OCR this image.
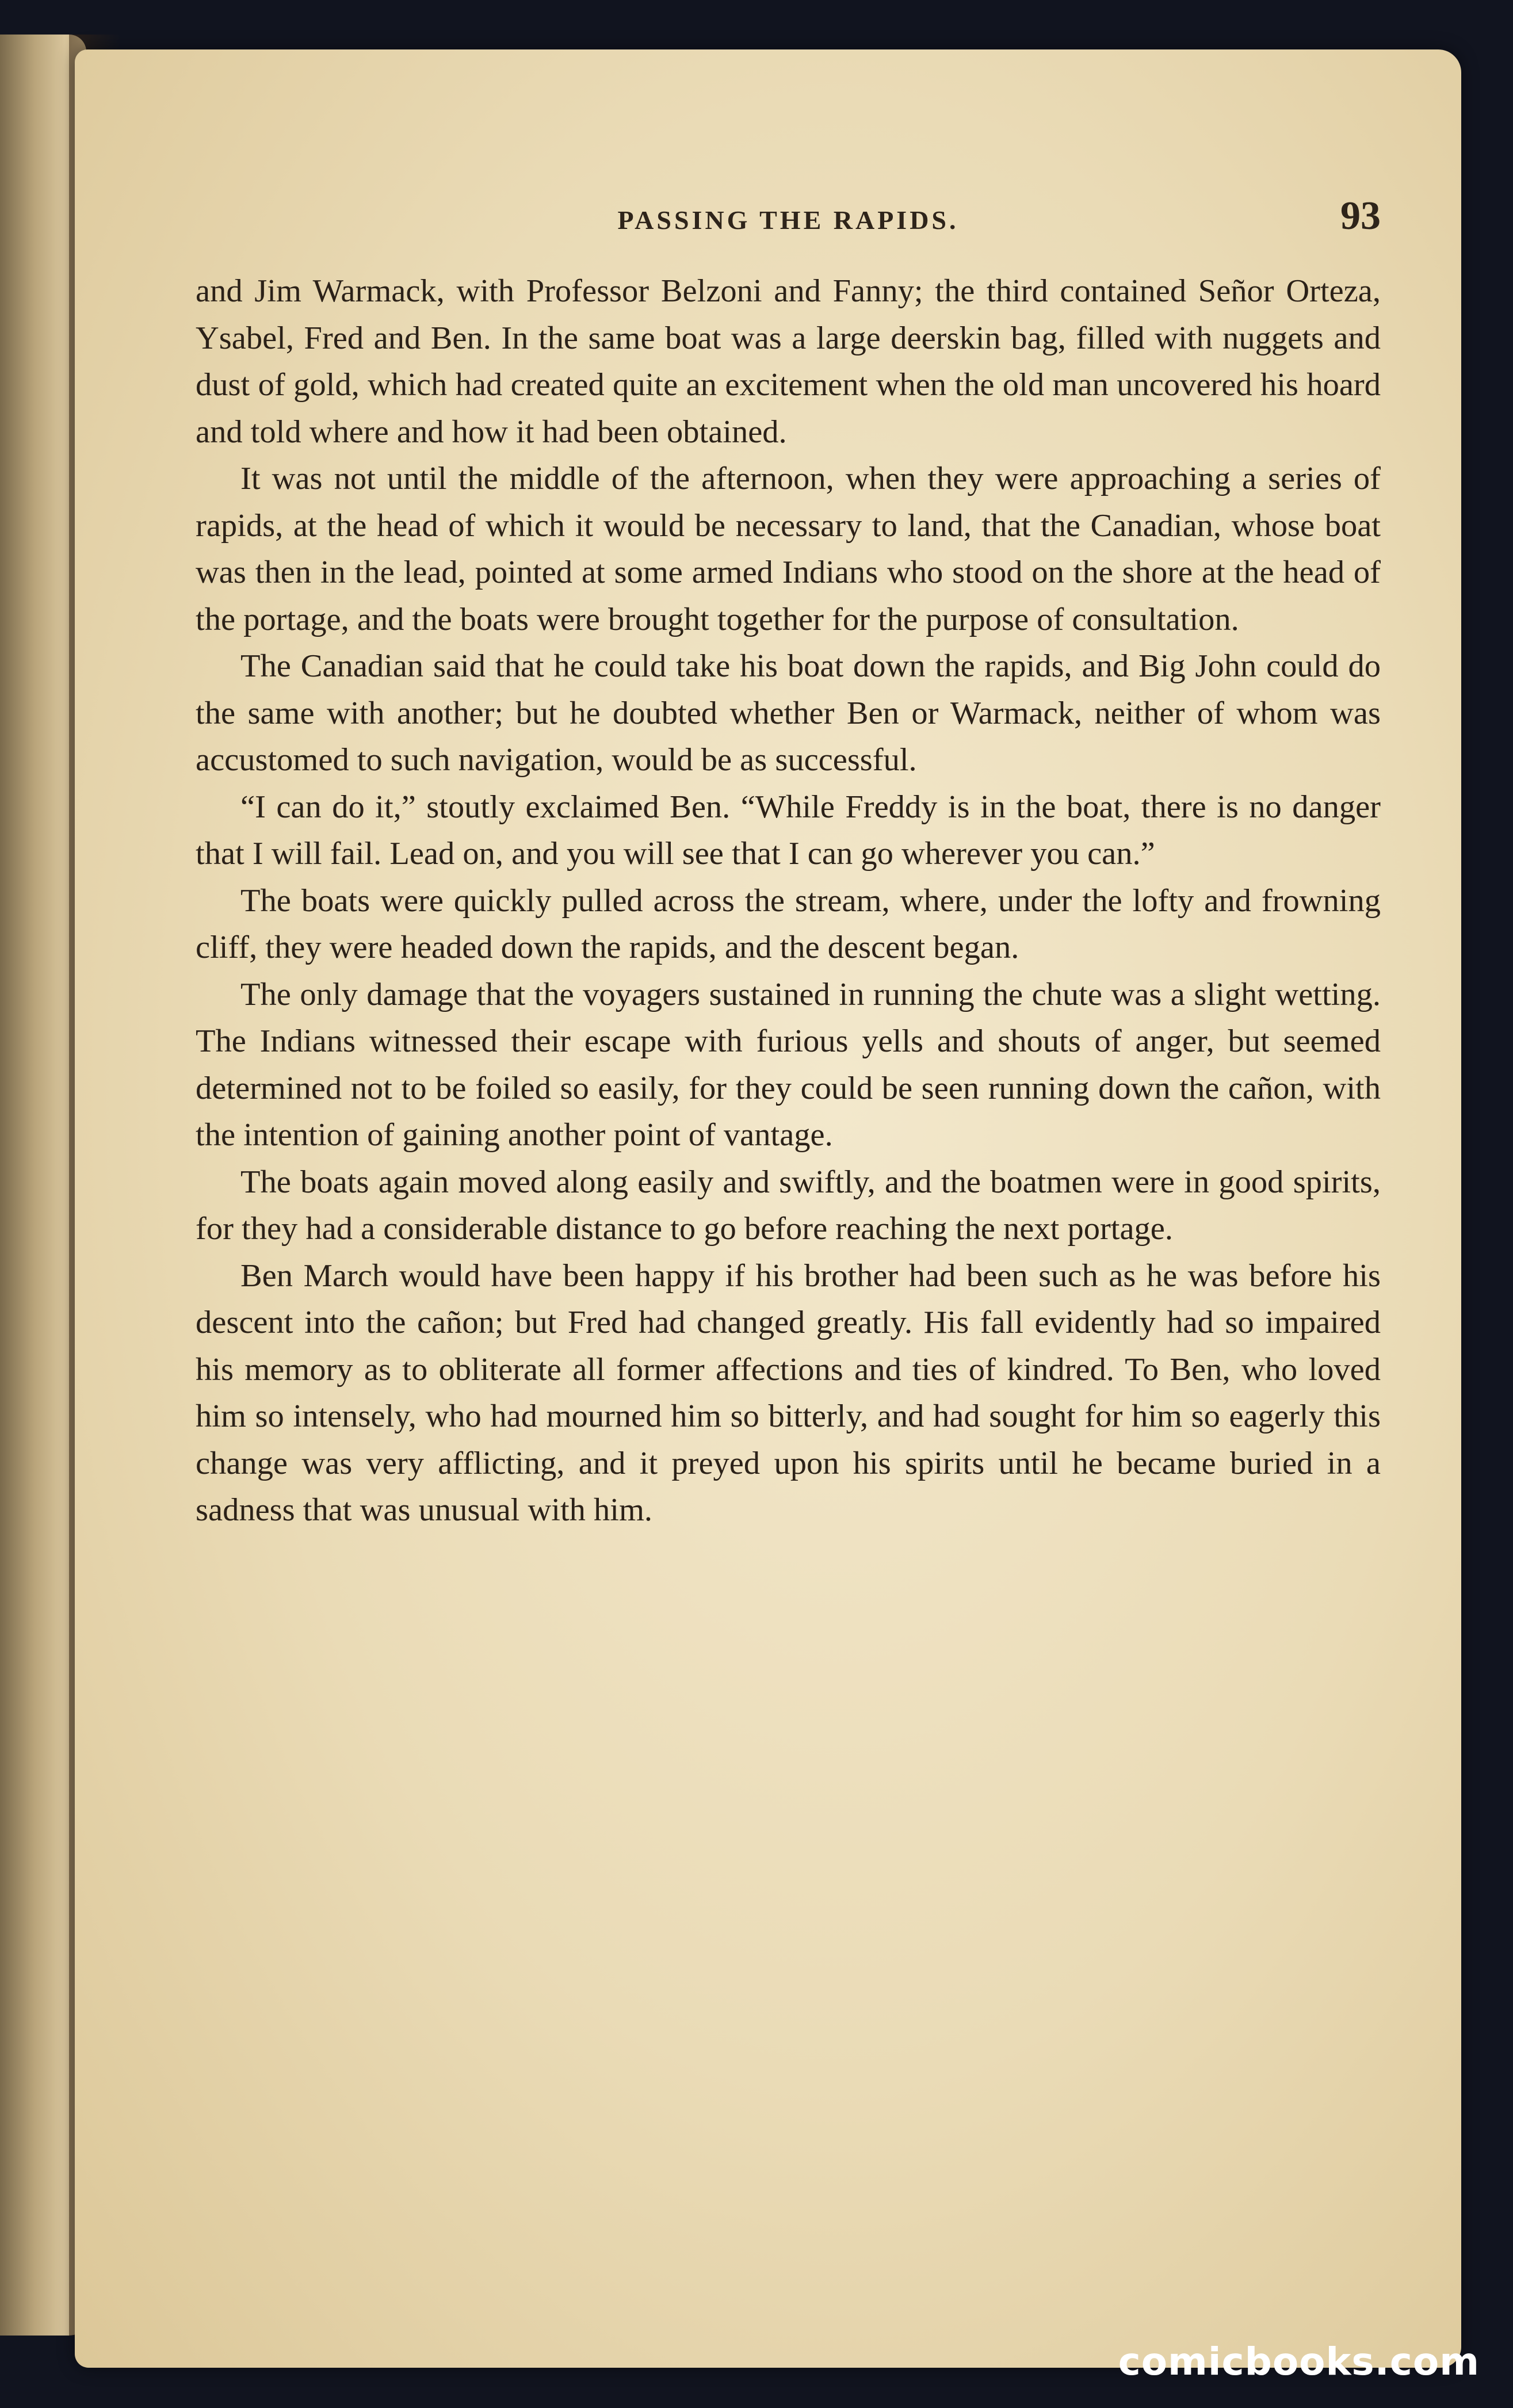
PASSING THE RAPIDS.	93

and Jim Warmack, with Professor Belzoni and Fanny; the third contained Señor Orteza, Ysabel, Fred and Ben. In the same boat was a large deerskin bag, filled with nuggets and dust of gold, which had created quite an excitement when the old man uncovered his hoard and told where and how it had been obtained.

It was not until the middle of the afternoon, when they were approaching a series of rapids, at the head of which it would be necessary to land, that the Canadian, whose boat was then in the lead, pointed at some armed Indians who stood on the shore at the head of the portage, and the boats were brought together for the purpose of consultation.

The Canadian said that he could take his boat down the rapids, and Big John could do the same with another; but he doubted whether Ben or Warmack, neither of whom was accustomed to such navigation, would be as successful.

“I can do it,” stoutly exclaimed Ben. “While Freddy is in the boat, there is no danger that I will fail. Lead on, and you will see that I can go wherever you can.”

The boats were quickly pulled across the stream, where, under the lofty and frowning cliff, they were headed down the rapids, and the descent began.

The only damage that the voyagers sustained in running the chute was a slight wetting. The Indians witnessed their escape with furious yells and shouts of anger, but seemed determined not to be foiled so easily, for they could be seen running down the cañon, with the intention of gaining another point of vantage.

The boats again moved along easily and swiftly, and the boatmen were in good spirits, for they had a considerable distance to go before reaching the next portage.

Ben March would have been happy if his brother had been such as he was before his descent into the cañon; but Fred had changed greatly. His fall evidently had so impaired his memory as to obliterate all former affections and ties of kindred. To Ben, who loved him so intensely, who had mourned him so bitterly, and had sought for him so eagerly this change was very afflicting, and it preyed upon his spirits until he became buried in a sadness that was unusual with him.

comicbooks.com
